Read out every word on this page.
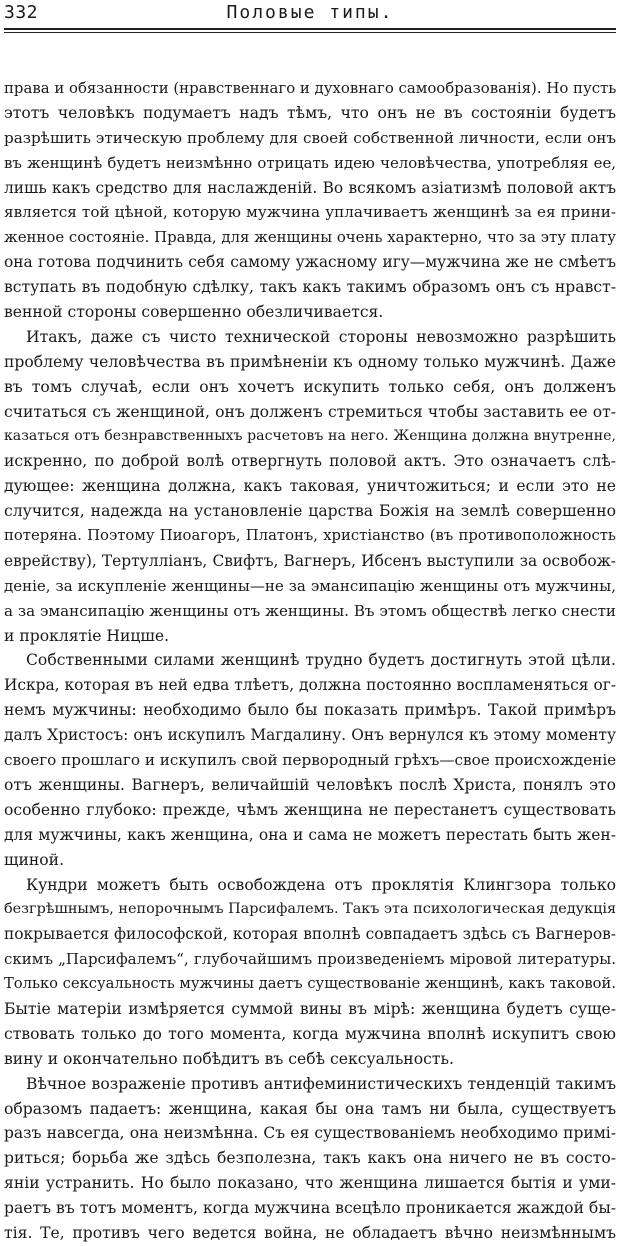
332	Половые типы.
права и обязанности (нравственнаго и духовнаго самообразованія). Но пусть
этотъ человѣкъ подумаетъ надъ тѣмъ, что онъ не въ состояніи будетъ
разрѣшить этическую проблему для своей собственной личности, если онъ
въ женщинѣ будетъ неизмѣнно отрицать идею человѣчества, употребляя ее,
лишь какъ средство для наслажденій. Во всякомъ азіатизмѣ половой актъ
является той цѣной, которую мужчина уплачиваетъ женщинѣ за ея прини-
женное состояніе. Правда, для женщины очень характерно, что за эту плату
она готова подчинить себя самому ужасному игу—мужчина же не смѣетъ
вступать въ подобную сдѣлку, такъ какъ такимъ образомъ онъ съ нравст-
венной стороны совершенно обезличивается.
Итакъ, даже съ чисто технической стороны невозможно разрѣшить
проблему человѣчества въ примѣненіи къ одному только мужчинѣ. Даже
въ томъ случаѣ, если онъ хочетъ искупить только себя, онъ долженъ
считаться съ женщиной, онъ долженъ стремиться чтобы заставить ее от-
казаться отъ безнравственныхъ расчетовъ на него. Женщина должна внутренне,
искренно, по доброй волѣ отвергнуть половой актъ. Это означаетъ слѣ-
дующее: женщина должна, какъ таковая, уничтожиться; и если это не
случится, надежда на установленіе царства Божія на землѣ совершенно
потеряна. Поэтому Пиоагоръ, Платонъ, христіанство (въ противоположность
еврейству), Тертулліанъ, Свифтъ, Вагнеръ, Ибсенъ выступили за освобож-
деніе, за искупленіе женщины—не за эмансипацію женщины отъ мужчины,
а за эмансипацію женщины отъ женщины. Въ этомъ обществѣ легко снести
и проклятіе Ницше.
Собственными силами женщинѣ трудно будетъ достигнуть этой цѣли.
Искра, которая въ ней едва тлѣетъ, должна постоянно воспламеняться ог-
немъ мужчины: необходимо было бы показать примѣръ. Такой примѣръ
далъ Христосъ: онъ искупилъ Магдалину. Онъ вернулся къ этому моменту
своего прошлаго и искупилъ свой первородный грѣхъ—свое происхожденіе
отъ женщины. Вагнеръ, величайшій человѣкъ послѣ Христа, понялъ это
особенно глубоко: прежде, чѣмъ женщина не перестанетъ существовать
для мужчины, какъ женщина, она и сама не можетъ перестать быть жен-
щиной.
Кундри можетъ быть освобождена отъ проклятія Клингзора только
безгрѣшнымъ, непорочнымъ Парсифалемъ. Такъ эта психологическая дедукція
покрывается философской, которая вполнѣ совпадаетъ здѣсь съ Вагнеров-
скимъ „Парсифалемъ“, глубочайшимъ произведеніемъ міровой литературы.
Только сексуальность мужчины даетъ существованіе женщинѣ, какъ таковой.
Бытіе матеріи измѣряется суммой вины въ мірѣ: женщина будетъ суще-
ствовать только до того момента, когда мужчина вполнѣ искупитъ свою
вину и окончательно побѣдитъ въ себѣ сексуальность.
Вѣчное возраженіе противъ антифеминистическихъ тенденцій такимъ
образомъ падаетъ: женщина, какая бы она тамъ ни была, существуетъ
разъ навсегда, она неизмѣнна. Съ ея существованіемъ необходимо примі-
риться; борьба же здѣсь безполезна, такъ какъ она ничего не въ состо-
яніи устранить. Но было показано, что женщина лишается бытія и уми-
раетъ въ тотъ моментъ, когда мужчина всецѣло проникается жаждой бы-
тія. Те, противъ чего ведется война, не обладаетъ вѣчно неизмѣннымъ
